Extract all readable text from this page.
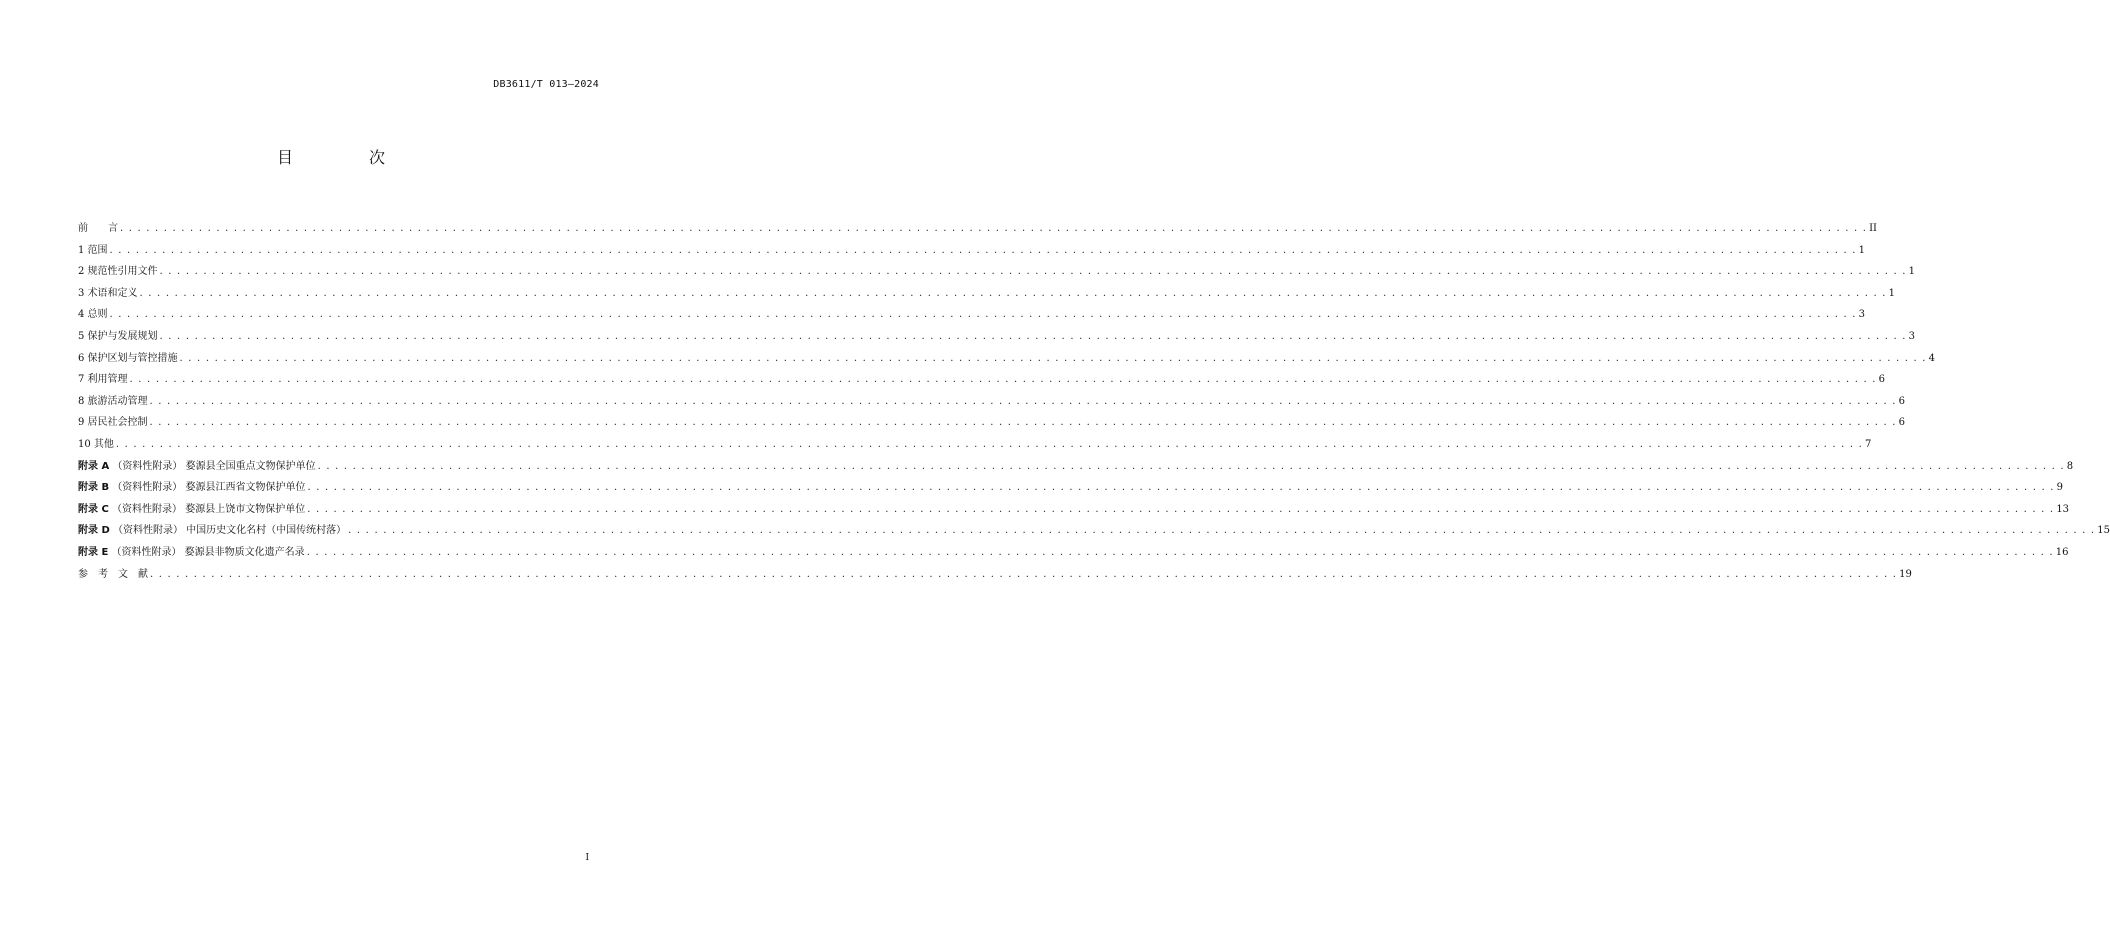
DB3611/T 013—2024
目　次
前　　言 . . . . . . . . . . . . . . . . . . . . . . . . . . . . . . . . . . . . . . . . . . . . . . . . . . . . . . . . . . . . . . . . . . . . . . . . . . . . . . . . . . . . . . . . . . . . . . . . . . . . . . . . . . . . . . . . . . . . . . . . . . . . . . . . . . . . . . . . . . . . . . . . . . . . . . . . . . . . . . . . . . . . . . . . . . . . . . . . . . . . . . . . . . . . . . . . . . . . . . . . II
1 范围 . . . . . . . . . . . . . . . . . . . . . . . . . . . . . . . . . . . . . . . . . . . . . . . . . . . . . . . . . . . . . . . . . . . . . . . . . . . . . . . . . . . . . . . . . . . . . . . . . . . . . . . . . . . . . . . . . . . . . . . . . . . . . . . . . . . . . . . . . . . . . . . . . . . . . . . . . . . . . . . . . . . . . . . . . . . . . . . . . . . . . . . . . . . . . . . . . . . . . . . . 1
2 规范性引用文件 . . . . . . . . . . . . . . . . . . . . . . . . . . . . . . . . . . . . . . . . . . . . . . . . . . . . . . . . . . . . . . . . . . . . . . . . . . . . . . . . . . . . . . . . . . . . . . . . . . . . . . . . . . . . . . . . . . . . . . . . . . . . . . . . . . . . . . . . . . . . . . . . . . . . . . . . . . . . . . . . . . . . . . . . . . . . . . . . . . . . . . . . . . . . . . . . . . . . . . . . 1
3 术语和定义 . . . . . . . . . . . . . . . . . . . . . . . . . . . . . . . . . . . . . . . . . . . . . . . . . . . . . . . . . . . . . . . . . . . . . . . . . . . . . . . . . . . . . . . . . . . . . . . . . . . . . . . . . . . . . . . . . . . . . . . . . . . . . . . . . . . . . . . . . . . . . . . . . . . . . . . . . . . . . . . . . . . . . . . . . . . . . . . . . . . . . . . . . . . . . . . . . . . . . . . . 1
4 总则 . . . . . . . . . . . . . . . . . . . . . . . . . . . . . . . . . . . . . . . . . . . . . . . . . . . . . . . . . . . . . . . . . . . . . . . . . . . . . . . . . . . . . . . . . . . . . . . . . . . . . . . . . . . . . . . . . . . . . . . . . . . . . . . . . . . . . . . . . . . . . . . . . . . . . . . . . . . . . . . . . . . . . . . . . . . . . . . . . . . . . . . . . . . . . . . . . . . . . . . . 3
5 保护与发展规划 . . . . . . . . . . . . . . . . . . . . . . . . . . . . . . . . . . . . . . . . . . . . . . . . . . . . . . . . . . . . . . . . . . . . . . . . . . . . . . . . . . . . . . . . . . . . . . . . . . . . . . . . . . . . . . . . . . . . . . . . . . . . . . . . . . . . . . . . . . . . . . . . . . . . . . . . . . . . . . . . . . . . . . . . . . . . . . . . . . . . . . . . . . . . . . . . . . . . . . . . 3
6 保护区划与管控措施 . . . . . . . . . . . . . . . . . . . . . . . . . . . . . . . . . . . . . . . . . . . . . . . . . . . . . . . . . . . . . . . . . . . . . . . . . . . . . . . . . . . . . . . . . . . . . . . . . . . . . . . . . . . . . . . . . . . . . . . . . . . . . . . . . . . . . . . . . . . . . . . . . . . . . . . . . . . . . . . . . . . . . . . . . . . . . . . . . . . . . . . . . . . . . . . . . . . . . . . . 4
7 利用管理 . . . . . . . . . . . . . . . . . . . . . . . . . . . . . . . . . . . . . . . . . . . . . . . . . . . . . . . . . . . . . . . . . . . . . . . . . . . . . . . . . . . . . . . . . . . . . . . . . . . . . . . . . . . . . . . . . . . . . . . . . . . . . . . . . . . . . . . . . . . . . . . . . . . . . . . . . . . . . . . . . . . . . . . . . . . . . . . . . . . . . . . . . . . . . . . . . . . . . . . . 6
8 旅游活动管理 . . . . . . . . . . . . . . . . . . . . . . . . . . . . . . . . . . . . . . . . . . . . . . . . . . . . . . . . . . . . . . . . . . . . . . . . . . . . . . . . . . . . . . . . . . . . . . . . . . . . . . . . . . . . . . . . . . . . . . . . . . . . . . . . . . . . . . . . . . . . . . . . . . . . . . . . . . . . . . . . . . . . . . . . . . . . . . . . . . . . . . . . . . . . . . . . . . . . . . . . 6
9 居民社会控制 . . . . . . . . . . . . . . . . . . . . . . . . . . . . . . . . . . . . . . . . . . . . . . . . . . . . . . . . . . . . . . . . . . . . . . . . . . . . . . . . . . . . . . . . . . . . . . . . . . . . . . . . . . . . . . . . . . . . . . . . . . . . . . . . . . . . . . . . . . . . . . . . . . . . . . . . . . . . . . . . . . . . . . . . . . . . . . . . . . . . . . . . . . . . . . . . . . . . . . . . 6
10 其他 . . . . . . . . . . . . . . . . . . . . . . . . . . . . . . . . . . . . . . . . . . . . . . . . . . . . . . . . . . . . . . . . . . . . . . . . . . . . . . . . . . . . . . . . . . . . . . . . . . . . . . . . . . . . . . . . . . . . . . . . . . . . . . . . . . . . . . . . . . . . . . . . . . . . . . . . . . . . . . . . . . . . . . . . . . . . . . . . . . . . . . . . . . . . . . . . . . . . . . . . 7
附录 A （资料性附录） 婺源县全国重点文物保护单位 . . . . . . . . . . . . . . . . . . . . . . . . . . . . . . . . . . . . . . . . . . . . . . . . . . . . . . . . . . . . . . . . . . . . . . . . . . . . . . . . . . . . . . . . . . . . . . . . . . . . . . . . . . . . . . . . . . . . . . . . . . . . . . . . . . . . . . . . . . . . . . . . . . . . . . . . . . . . . . . . . . . . . . . . . . . . . . . . . . . . . . . . . . . . . . . . . . . . . . . . 8
附录 B （资料性附录） 婺源县江西省文物保护单位 . . . . . . . . . . . . . . . . . . . . . . . . . . . . . . . . . . . . . . . . . . . . . . . . . . . . . . . . . . . . . . . . . . . . . . . . . . . . . . . . . . . . . . . . . . . . . . . . . . . . . . . . . . . . . . . . . . . . . . . . . . . . . . . . . . . . . . . . . . . . . . . . . . . . . . . . . . . . . . . . . . . . . . . . . . . . . . . . . . . . . . . . . . . . . . . . . . . . . . . . 9
附录 C （资料性附录） 婺源县上饶市文物保护单位 . . . . . . . . . . . . . . . . . . . . . . . . . . . . . . . . . . . . . . . . . . . . . . . . . . . . . . . . . . . . . . . . . . . . . . . . . . . . . . . . . . . . . . . . . . . . . . . . . . . . . . . . . . . . . . . . . . . . . . . . . . . . . . . . . . . . . . . . . . . . . . . . . . . . . . . . . . . . . . . . . . . . . . . . . . . . . . . . . . . . . . . . . . . . . . . . . . . . . . . . 13
附录 D （资料性附录） 中国历史文化名村（中国传统村落） . . . . . . . . . . . . . . . . . . . . . . . . . . . . . . . . . . . . . . . . . . . . . . . . . . . . . . . . . . . . . . . . . . . . . . . . . . . . . . . . . . . . . . . . . . . . . . . . . . . . . . . . . . . . . . . . . . . . . . . . . . . . . . . . . . . . . . . . . . . . . . . . . . . . . . . . . . . . . . . . . . . . . . . . . . . . . . . . . . . . . . . . . . . . . . . . . . . . . . . . 15
附录 E （资料性附录） 婺源县非物质文化遗产名录 . . . . . . . . . . . . . . . . . . . . . . . . . . . . . . . . . . . . . . . . . . . . . . . . . . . . . . . . . . . . . . . . . . . . . . . . . . . . . . . . . . . . . . . . . . . . . . . . . . . . . . . . . . . . . . . . . . . . . . . . . . . . . . . . . . . . . . . . . . . . . . . . . . . . . . . . . . . . . . . . . . . . . . . . . . . . . . . . . . . . . . . . . . . . . . . . . . . . . . . . 16
参　考　文　献 . . . . . . . . . . . . . . . . . . . . . . . . . . . . . . . . . . . . . . . . . . . . . . . . . . . . . . . . . . . . . . . . . . . . . . . . . . . . . . . . . . . . . . . . . . . . . . . . . . . . . . . . . . . . . . . . . . . . . . . . . . . . . . . . . . . . . . . . . . . . . . . . . . . . . . . . . . . . . . . . . . . . . . . . . . . . . . . . . . . . . . . . . . . . . . . . . . . . . . . . 19
I
